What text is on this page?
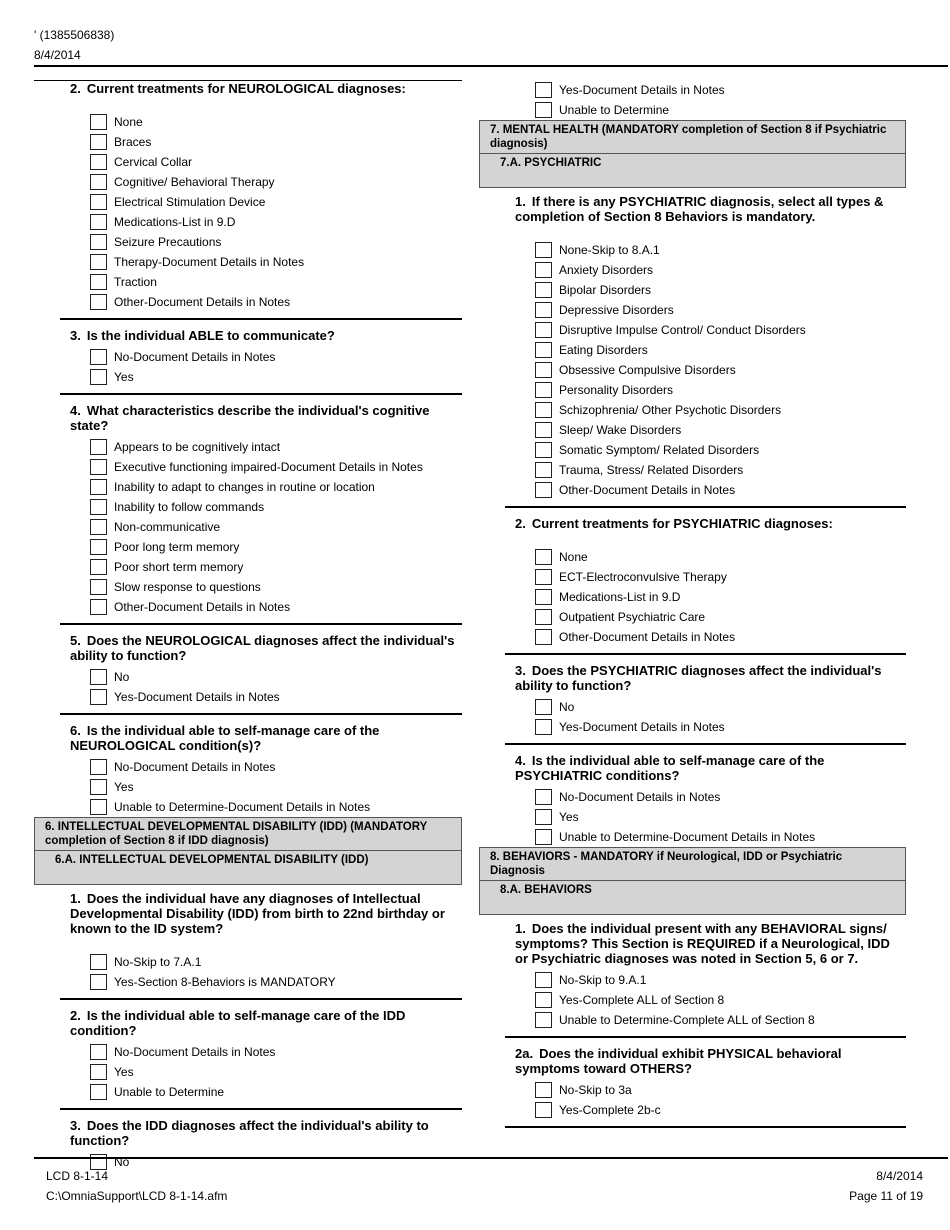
' (1385506838)
8/4/2014
2. Current treatments for NEUROLOGICAL diagnoses:
None
Braces
Cervical Collar
Cognitive/ Behavioral Therapy
Electrical Stimulation Device
Medications-List in 9.D
Seizure Precautions
Therapy-Document Details in Notes
Traction
Other-Document Details in Notes
3. Is the individual ABLE to communicate?
No-Document Details in Notes
Yes
4. What characteristics describe the individual's cognitive state?
Appears to be cognitively intact
Executive functioning impaired-Document Details in Notes
Inability to adapt to changes in routine or location
Inability to follow commands
Non-communicative
Poor long term memory
Poor short term memory
Slow response to questions
Other-Document Details in Notes
5. Does the NEUROLOGICAL diagnoses affect the individual's ability to function?
No
Yes-Document Details in Notes
6. Is the individual able to self-manage care of the NEUROLOGICAL condition(s)?
No-Document Details in Notes
Yes
Unable to Determine-Document Details in Notes
6. INTELLECTUAL DEVELOPMENTAL DISABILITY (IDD) (MANDATORY completion of Section 8 if IDD diagnosis)
6.A. INTELLECTUAL DEVELOPMENTAL DISABILITY (IDD)
1. Does the individual have any diagnoses of Intellectual Developmental Disability (IDD) from birth to 22nd birthday or known to the ID system?
No-Skip to 7.A.1
Yes-Section 8-Behaviors is MANDATORY
2. Is the individual able to self-manage care of the IDD condition?
No-Document Details in Notes
Yes
Unable to Determine
3. Does the IDD diagnoses affect the individual's ability to function?
No
Yes-Document Details in Notes
Unable to Determine
7. MENTAL HEALTH (MANDATORY completion of Section 8 if Psychiatric diagnosis)
7.A. PSYCHIATRIC
1. If there is any PSYCHIATRIC diagnosis, select all types & completion of Section 8 Behaviors is mandatory.
None-Skip to 8.A.1
Anxiety Disorders
Bipolar Disorders
Depressive Disorders
Disruptive Impulse Control/ Conduct Disorders
Eating Disorders
Obsessive Compulsive Disorders
Personality Disorders
Schizophrenia/ Other Psychotic Disorders
Sleep/ Wake Disorders
Somatic Symptom/ Related Disorders
Trauma, Stress/ Related Disorders
Other-Document Details in Notes
2. Current treatments for PSYCHIATRIC diagnoses:
None
ECT-Electroconvulsive Therapy
Medications-List in 9.D
Outpatient Psychiatric Care
Other-Document Details in Notes
3. Does the PSYCHIATRIC diagnoses affect the individual's ability to function?
No
Yes-Document Details in Notes
4. Is the individual able to self-manage care of the PSYCHIATRIC conditions?
No-Document Details in Notes
Yes
Unable to Determine-Document Details in Notes
8. BEHAVIORS - MANDATORY if Neurological, IDD or Psychiatric Diagnosis
8.A. BEHAVIORS
1. Does the individual present with any BEHAVIORAL signs/ symptoms? This Section is REQUIRED if a Neurological, IDD or Psychiatric diagnoses was noted in Section 5, 6 or 7.
No-Skip to 9.A.1
Yes-Complete ALL of Section 8
Unable to Determine-Complete ALL of Section 8
2a. Does the individual exhibit PHYSICAL behavioral symptoms toward OTHERS?
No-Skip to 3a
Yes-Complete 2b-c
LCD 8-1-14
C:\OmniaSupport\LCD 8-1-14.afm
8/4/2014
Page 11 of 19
